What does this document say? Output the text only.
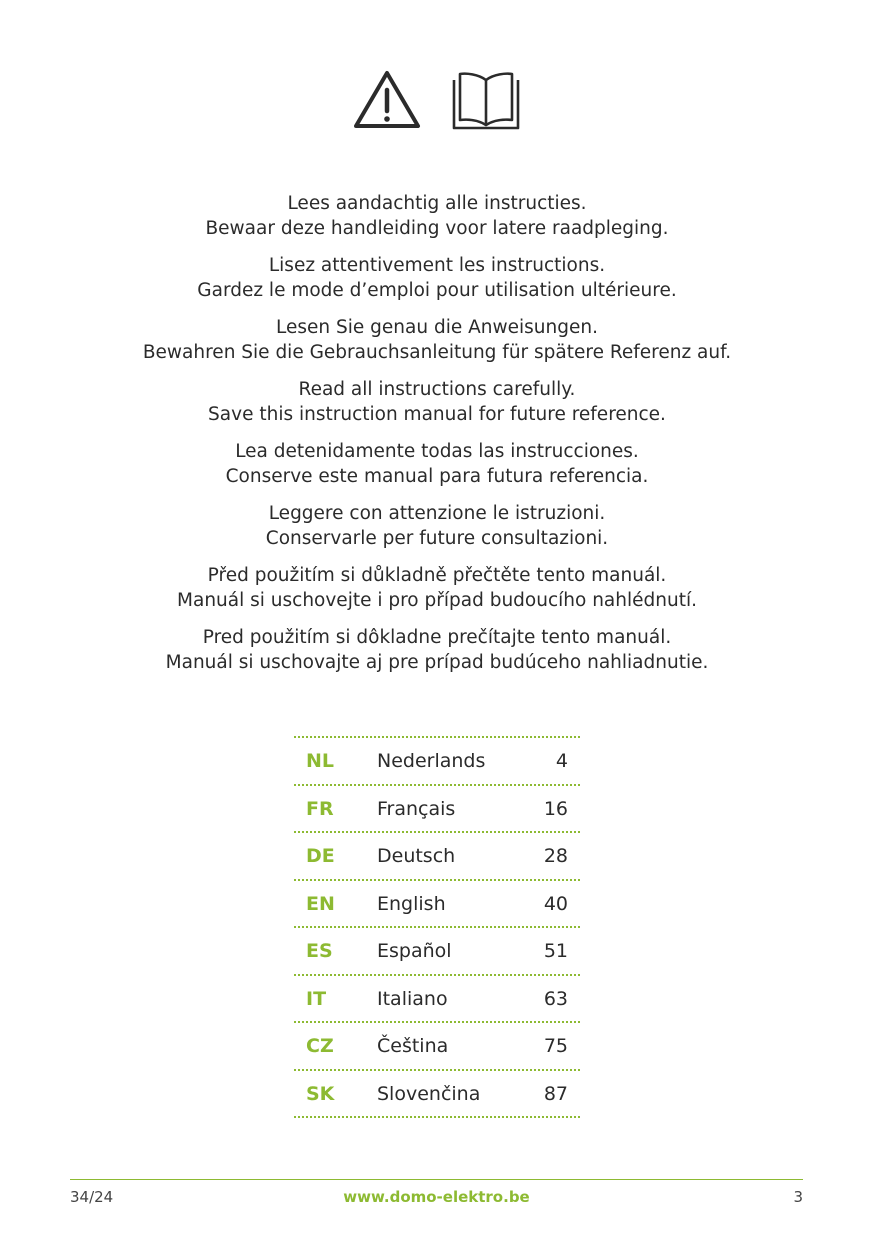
Lees aandachtig alle instructies.
Bewaar deze handleiding voor latere raadpleging.
Lisez attentivement les instructions.
Gardez le mode d’emploi pour utilisation ultérieure.
Lesen Sie genau die Anweisungen.
Bewahren Sie die Gebrauchsanleitung für spätere Referenz auf.
Read all instructions carefully.
Save this instruction manual for future reference.
Lea detenidamente todas las instrucciones.
Conserve este manual para futura referencia.
Leggere con attenzione le istruzioni.
Conservarle per future consultazioni.
Před použitím si důkladně přečtěte tento manuál.
Manuál si uschovejte i pro případ budoucího nahlédnutí.
Pred použitím si dôkladne prečítajte tento manuál.
Manuál si uschovajte aj pre prípad budúceho nahliadnutie.
NL Nederlands	4
FR Français	16
DE Deutsch	28
EN English	40
ES Español	51
IT	Italiano	63
CZ Čeština	75
SK Slovenčina	87
34/24	www.domo-elektro.be	3
